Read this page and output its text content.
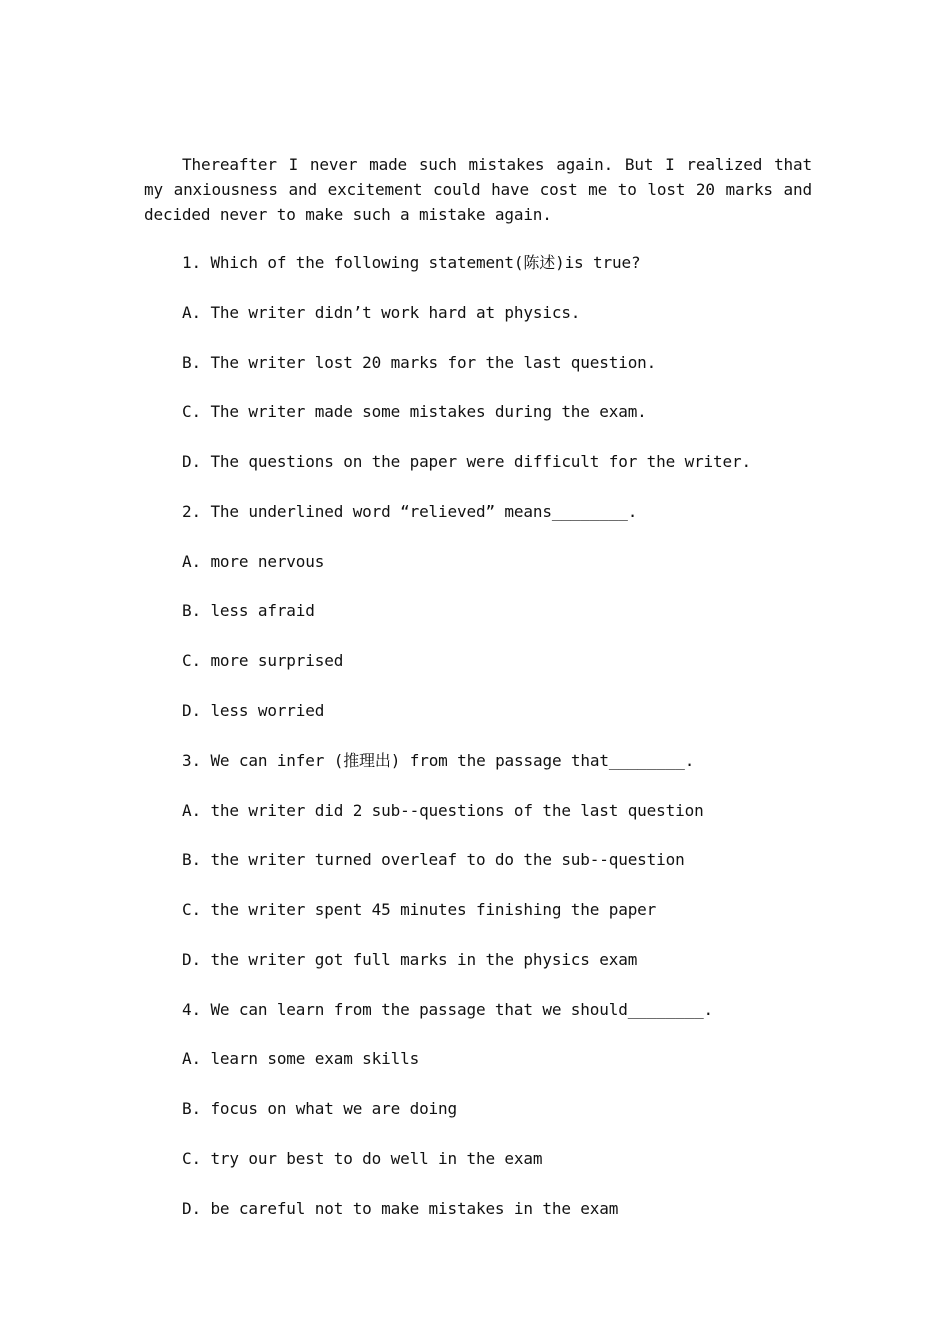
Thereafter I never made such mistakes again. But I realized that my anxiousness and excitement could have cost me to lost 20 marks and decided never to make such a mistake again.

1. Which of the following statement(陈述)is true?

A. The writer didn’t work hard at physics.

B. The writer lost 20 marks for the last question.

C. The writer made some mistakes during the exam.

D. The questions on the paper were difficult for the writer.

2. The underlined word “relieved” means________.

A. more nervous

B. less afraid

C. more surprised

D. less worried

3. We can infer (推理出) from the passage that________.

A. the writer did 2 sub--questions of the last question

B. the writer turned overleaf to do the sub--question

C. the writer spent 45 minutes finishing the paper

D. the writer got full marks in the physics exam

4. We can learn from the passage that we should________.

A. learn some exam skills

B. focus on what we are doing

C. try our best to do well in the exam

D. be careful not to make mistakes in the exam
